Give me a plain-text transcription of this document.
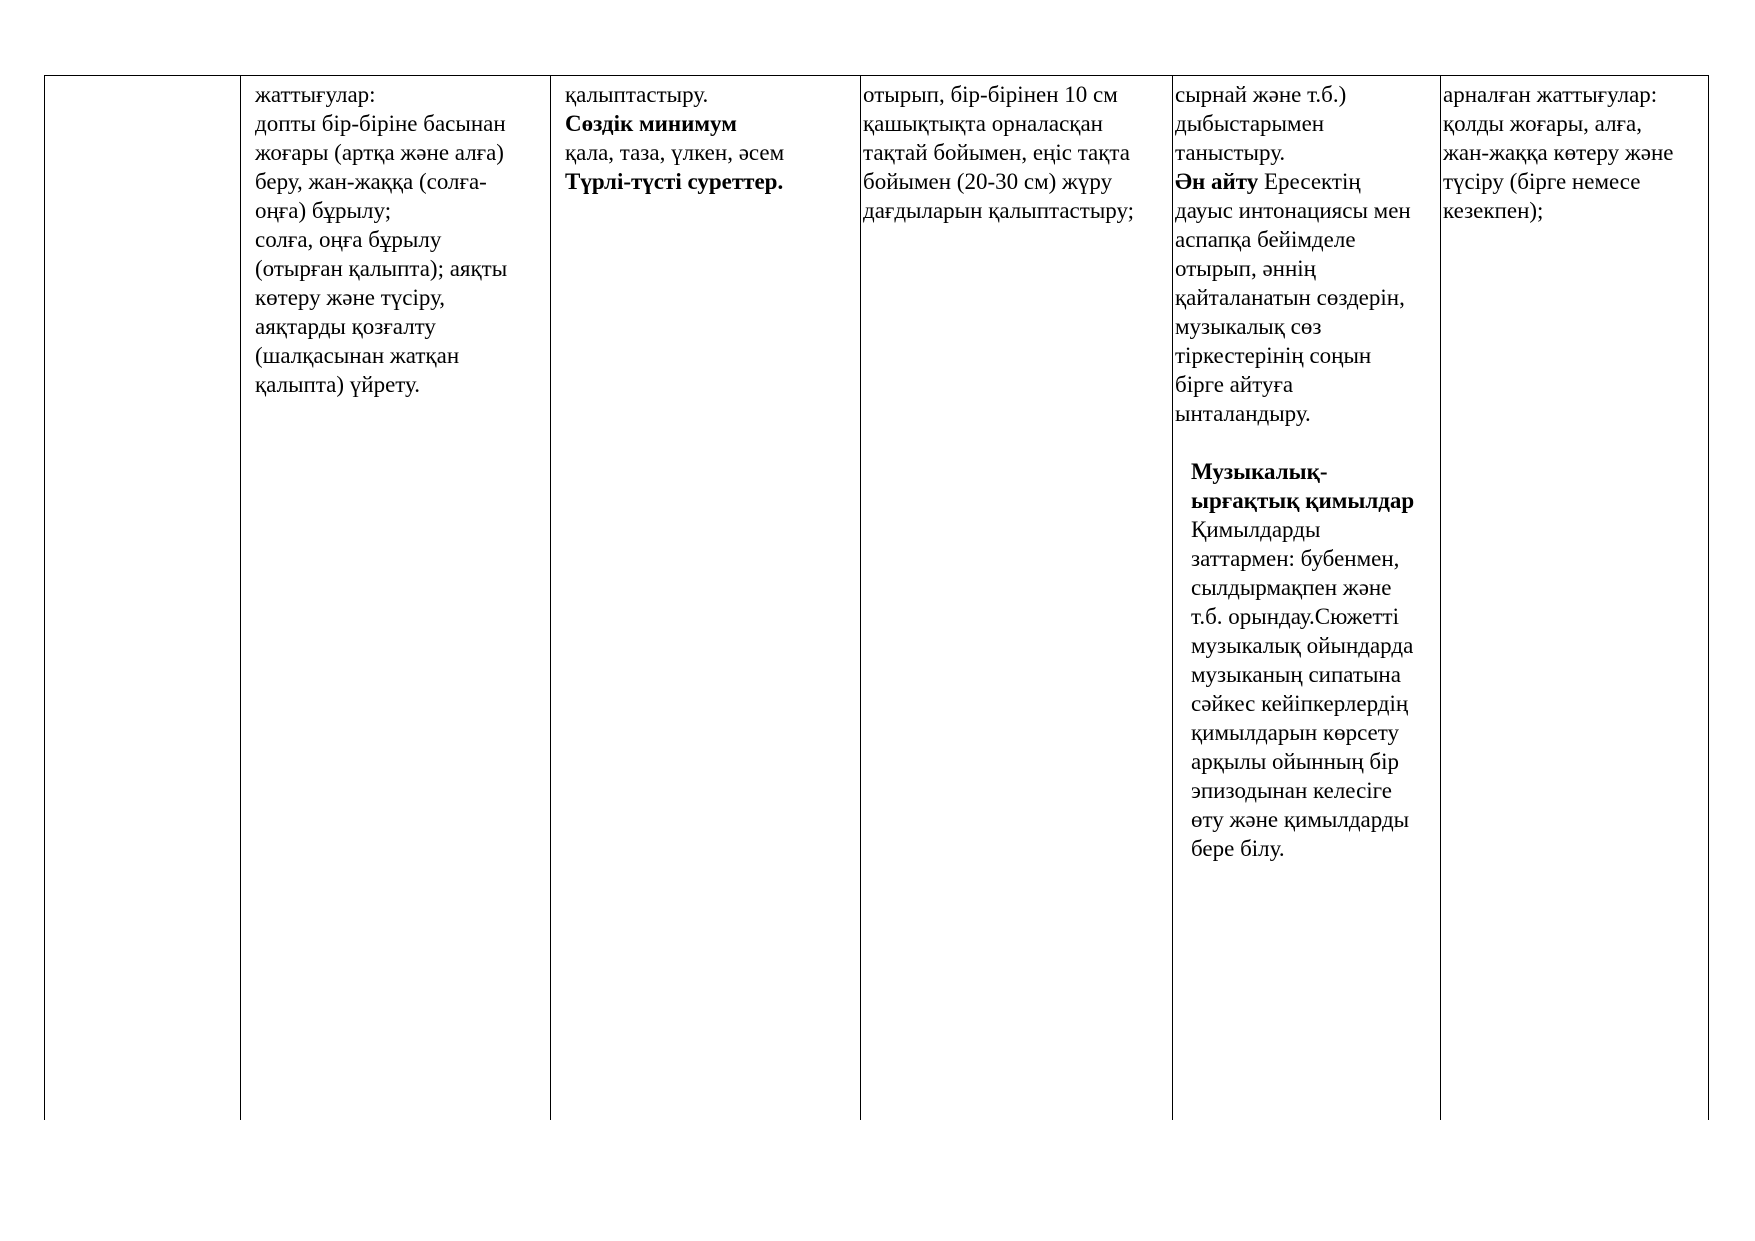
жаттығулар:
допты бір-біріне басынан
жоғары (артқа және алға)
беру, жан-жаққа (солға-
оңға) бұрылу;
солға, оңға бұрылу
(отырған қалыпта); аяқты
көтеру және түсіру,
аяқтарды қозғалту
(шалқасынан жатқан
қалыпта) үйрету.
қалыптастыру.
Сөздік минимум
қала, таза, үлкен, әсем
Түрлі-түсті суреттер.
отырып, бір-бірінен 10 см
қашықтықта орналасқан
тақтай бойымен, еңіс тақта
бойымен (20-30 см) жүру
дағдыларын қалыптастыру;
сырнай және т.б.)
дыбыстарымен
таныстыру.
Ән айту Ересектің
дауыс интонациясы мен
аспапқа бейімделе
отырып, әннің
қайталанатын сөздерін,
музыкалық сөз
тіркестерінің соңын
бірге айтуға
ынталандыру.
Музыкалық-
ырғақтық қимылдар
Қимылдарды
заттармен: бубенмен,
сылдырмақпен және
т.б. орындау.Сюжетті
музыкалық ойындарда
музыканың сипатына
сәйкес кейіпкерлердің
қимылдарын көрсету
арқылы ойынның бір
эпизодынан келесіге
өту және қимылдарды
бере білу.
арналған жаттығулар:
қолды жоғары, алға,
жан-жаққа көтеру және
түсіру (бірге немесе
кезекпен);
